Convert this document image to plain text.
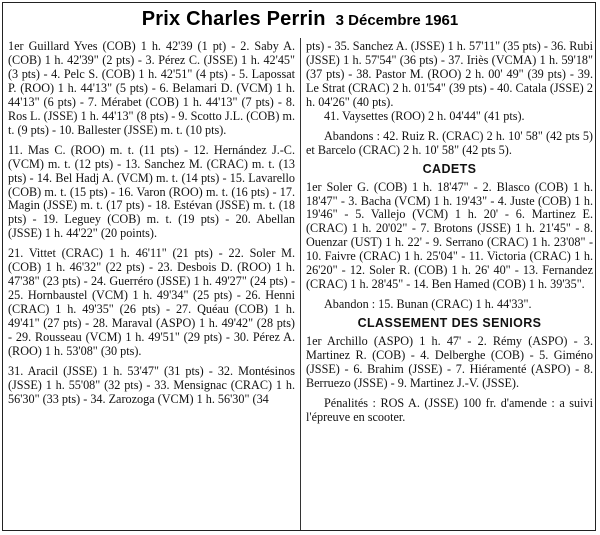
Prix Charles Perrin 3 Décembre 1961

1er Guillard Yves (COB) 1 h. 42'39 (1 pt) - 2. Saby A. (COB) 1 h. 42'39" (2 pts) - 3. Pérez C. (JSSE) 1 h. 42'45" (3 pts) - 4. Pelc S. (COB) 1 h. 42'51" (4 pts) - 5. Lapossat P. (ROO) 1 h. 44'13" (5 pts) - 6. Belamari D. (VCM) 1 h. 44'13" (6 pts) - 7. Mérabet (COB) 1 h. 44'13" (7 pts) - 8. Ros L. (JSSE) 1 h. 44'13" (8 pts) - 9. Scotto J.L. (COB) m. t. (9 pts) - 10. Ballester (JSSE) m. t. (10 pts).

11. Mas C. (ROO) m. t. (11 pts) - 12. Hernández J.-C. (VCM) m. t. (12 pts) - 13. Sanchez M. (CRAC) m. t. (13 pts) - 14. Bel Hadj A. (VCM) m. t. (14 pts) - 15. Lavarello (COB) m. t. (15 pts) - 16. Varon (ROO) m. t. (16 pts) - 17. Magin (JSSE) m. t. (17 pts) - 18. Estévan (JSSE) m. t. (18 pts) - 19. Leguey (COB) m. t. (19 pts) - 20. Abellan (JSSE) 1 h. 44'22" (20 points).

21. Vittet (CRAC) 1 h. 46'11" (21 pts) - 22. Soler M. (COB) 1 h. 46'32" (22 pts) - 23. Desbois D. (ROO) 1 h. 47'38" (23 pts) - 24. Guerréro (JSSE) 1 h. 49'27" (24 pts) - 25. Hornbaustel (VCM) 1 h. 49'34" (25 pts) - 26. Henni (CRAC) 1 h. 49'35" (26 pts) - 27. Quéau (COB) 1 h. 49'41" (27 pts) - 28. Maraval (ASPO) 1 h. 49'42" (28 pts) - 29. Rousseau (VCM) 1 h. 49'51" (29 pts) - 30. Pérez A. (ROO) 1 h. 53'08" (30 pts).

31. Aracil (JSSE) 1 h. 53'47" (31 pts) - 32. Montésinos (JSSE) 1 h. 55'08" (32 pts) - 33. Mensignac (CRAC) 1 h. 56'30" (33 pts) - 34. Zarozoga (VCM) 1 h. 56'30" (34

pts) - 35. Sanchez A. (JSSE) 1 h. 57'11" (35 pts) - 36. Rubi (JSSE) 1 h. 57'54" (36 pts) - 37. Iriès (VCMA) 1 h. 59'18" (37 pts) - 38. Pastor M. (ROO) 2 h. 00' 49" (39 pts) - 39. Le Strat (CRAC) 2 h. 01'54" (39 pts) - 40. Catala (JSSE) 2 h. 04'26" (40 pts).

41. Vaysettes (ROO) 2 h. 04'44" (41 pts).

Abandons : 42. Ruiz R. (CRAC) 2 h. 10' 58" (42 pts 5) et Barcelo (CRAC) 2 h. 10' 58" (42 pts 5).

CADETS

1er Soler G. (COB) 1 h. 18'47" - 2. Blasco (COB) 1 h. 18'47" - 3. Bacha (VCM) 1 h. 19'43" - 4. Juste (COB) 1 h. 19'46" - 5. Vallejo (VCM) 1 h. 20' - 6. Martinez E. (CRAC) 1 h. 20'02" - 7. Brotons (JSSE) 1 h. 21'45" - 8. Ouenzar (UST) 1 h. 22' - 9. Serrano (CRAC) 1 h. 23'08" - 10. Faivre (CRAC) 1 h. 25'04" - 11. Victoria (CRAC) 1 h. 26'20" - 12. Soler R. (COB) 1 h. 26' 40" - 13. Fernandez (CRAC) 1 h. 28'45" - 14. Ben Hamed (COB) 1 h. 39'35".

Abandon : 15. Bunan (CRAC) 1 h. 44'33".

CLASSEMENT DES SENIORS

1er Archillo (ASPO) 1 h. 47' - 2. Rémy (ASPO) - 3. Martinez R. (COB) - 4. Delberghe (COB) - 5. Giméno (JSSE) - 6. Brahim (JSSE) - 7. Hiéramenté (ASPO) - 8. Berruezo (JSSE) - 9. Martinez J.-V. (JSSE).

Pénalités : ROS A. (JSSE) 100 fr. d'amende : a suivi l'épreuve en scooter.
